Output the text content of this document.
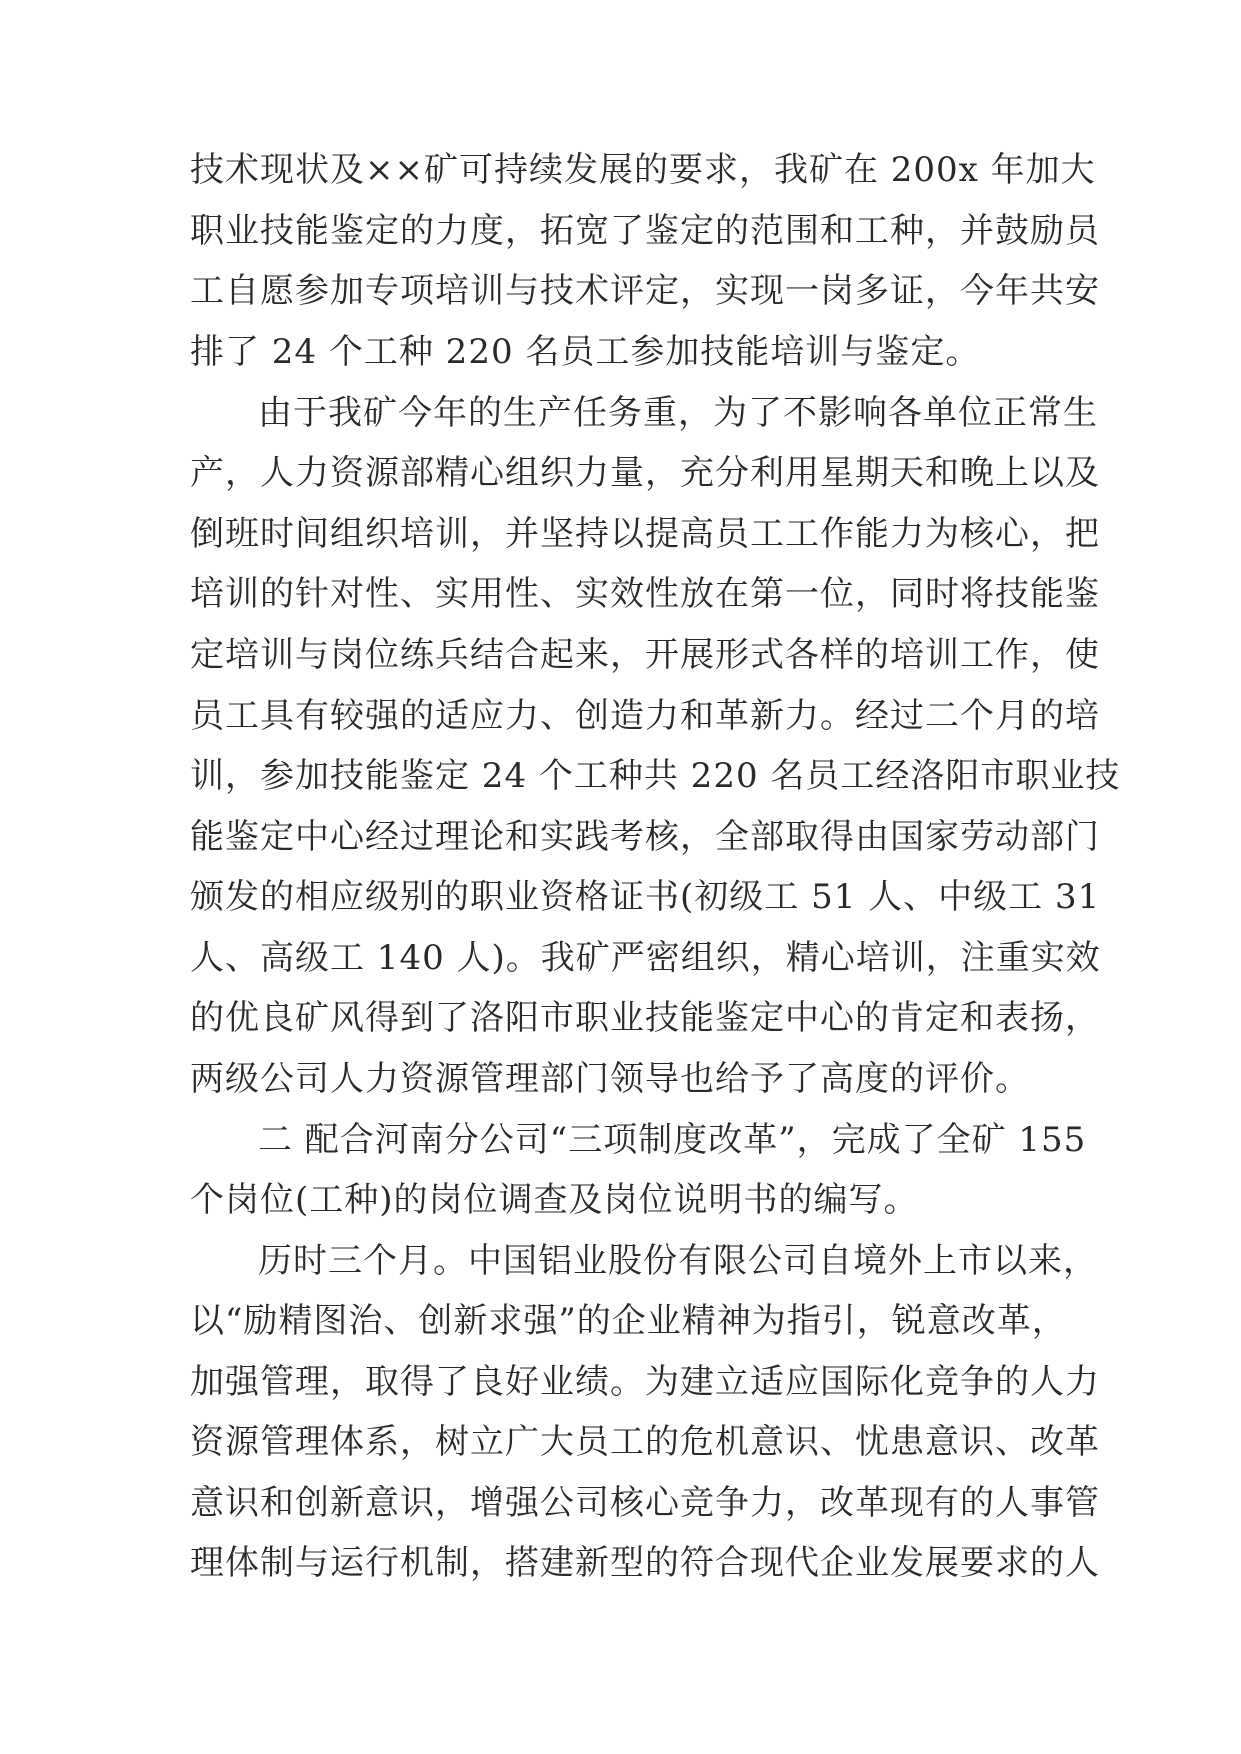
技术现状及××矿可持续发展的要求，我矿在 200x 年加大
职业技能鉴定的力度，拓宽了鉴定的范围和工种，并鼓励员
工自愿参加专项培训与技术评定，实现一岗多证，今年共安
排了 24 个工种 220 名员工参加技能培训与鉴定。
由于我矿今年的生产任务重，为了不影响各单位正常生
产，人力资源部精心组织力量，充分利用星期天和晚上以及
倒班时间组织培训，并坚持以提高员工工作能力为核心，把
培训的针对性、实用性、实效性放在第一位，同时将技能鉴
定培训与岗位练兵结合起来，开展形式各样的培训工作，使
员工具有较强的适应力、创造力和革新力。经过二个月的培
训，参加技能鉴定 24 个工种共 220 名员工经洛阳市职业技
能鉴定中心经过理论和实践考核，全部取得由国家劳动部门
颁发的相应级别的职业资格证书(初级工 51 人、中级工 31
人、高级工 140 人)。我矿严密组织，精心培训，注重实效
的优良矿风得到了洛阳市职业技能鉴定中心的肯定和表扬，
两级公司人力资源管理部门领导也给予了高度的评价。
二 配合河南分公司“三项制度改革”，完成了全矿 155
个岗位(工种)的岗位调查及岗位说明书的编写。
历时三个月。中国铝业股份有限公司自境外上市以来，
以“励精图治、创新求强”的企业精神为指引，锐意改革，
加强管理，取得了良好业绩。为建立适应国际化竞争的人力
资源管理体系，树立广大员工的危机意识、忧患意识、改革
意识和创新意识，增强公司核心竞争力，改革现有的人事管
理体制与运行机制，搭建新型的符合现代企业发展要求的人
